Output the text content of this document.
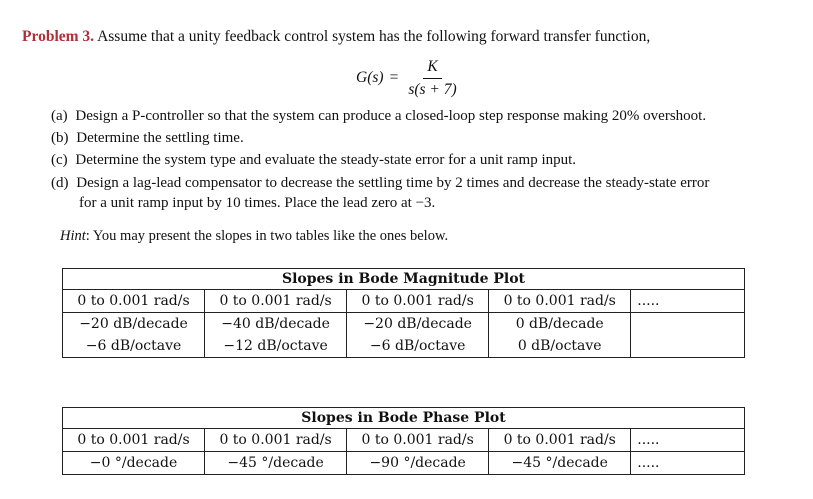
Problem 3. Assume that a unity feedback control system has the following forward transfer function,
$G(s) = \frac{K}{s(s + 7)}$
(a) Design a P-controller so that the system can produce a closed-loop step response making 20% overshoot.
(b) Determine the settling time.
(c) Determine the system type and evaluate the steady-state error for a unit ramp input.
(d) Design a lag-lead compensator to decrease the settling time by 2 times and decrease the steady-state error
for a unit ramp input by 10 times. Place the lead zero at −3.
Hint: You may present the slopes in two tables like the ones below.
Slopes in Bode Magnitude Plot				
0 to 0.001 rad/s	0 to 0.001 rad/s	0 to 0.001 rad/s	0 to 0.001 rad/s	.....
−20 dB/decade	−40 dB/decade	−20 dB/decade	0 dB/decade	
−6 dB/octave	−12 dB/octave	−6 dB/octave	0 dB/octave	
Slopes in Bode Phase Plot				
0 to 0.001 rad/s	0 to 0.001 rad/s	0 to 0.001 rad/s	0 to 0.001 rad/s	.....
−0 °/decade	−45 °/decade	−90 °/decade	−45 °/decade	.....
